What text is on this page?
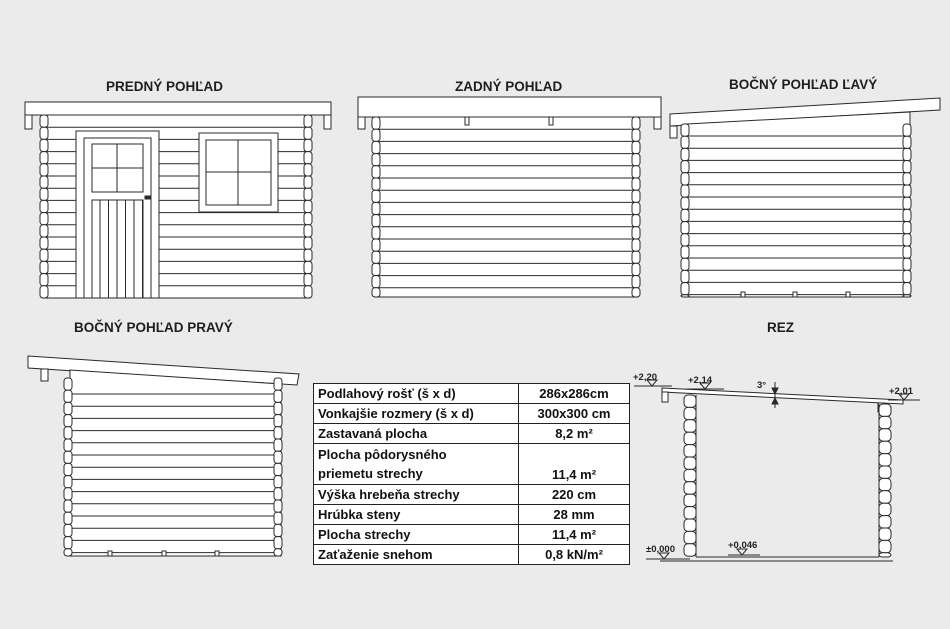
PREDNÝ POHĽAD	ZADNÝ POHĽAD	BOČNÝ POHĽAD ĽAVÝ
BOČNÝ POHĽAD PRAVÝ	REZ
+2,20	+2,14
+2,01
3°
±0,000	+0,046
Podlahový rošť (š x d)	286x286cm
Vonkajšie rozmery (š x d)	300x300 cm
Zastavaná plocha	8,2 m²

Plocha pôdorysného
priemetu strechy	11,4 m²
Výška hrebeňa strechy	220 cm
Hrúbka steny	28 mm
Plocha strechy	11,4 m²
Zaťaženie snehom	0,8 kN/m²
